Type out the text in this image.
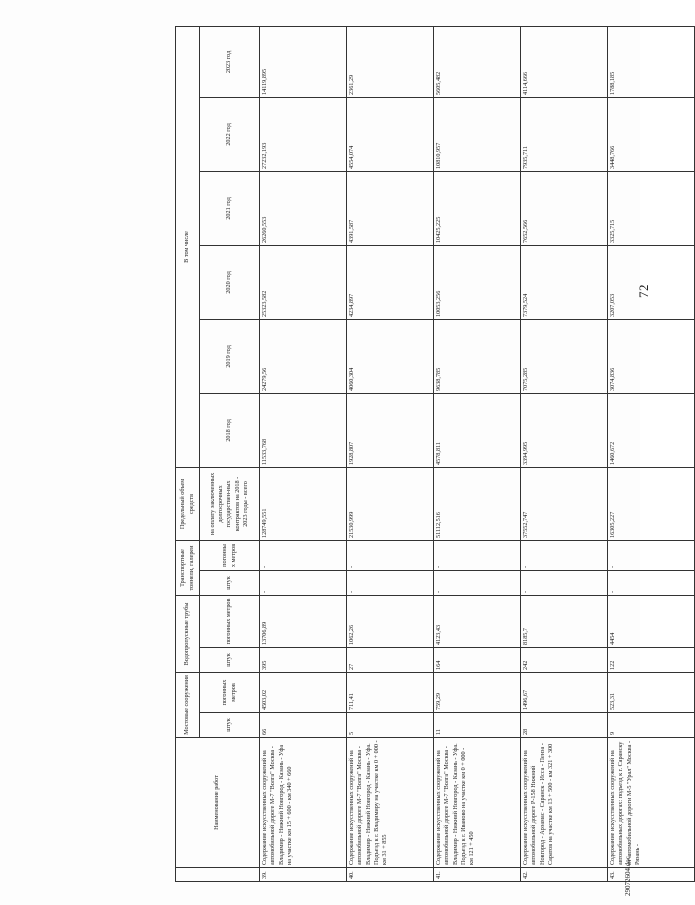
72
	Наименование работ	Мостовые сооружения		Водопропускные трубы		Транспортные тоннели, галереи		Предельный объем средств	В том числе					
		штук	погонных метров	штук	погонных метров	штук	погонных метров	на оплату заключенных долгосрочных государствен-ных контрактов на 2018 - 2023 годы - всего	2018 год	2019 год	2020 год	2021 год	2022 год	2023 год

39.	Содержание искусственных сооружений на автомобильной дороге М-7 "Волга" Москва - Владимир - Нижний Новгород - Казань - Уфа на участке км 15 + 600 - км 340 + 660	66	4503,02	395	13706,89	-	-	128749,551	11533,768	24279,56	25323,582	26260,553	27232,193	14119,895
40.	Содержание искусственных сооружений на автомобильной дороге М-7 "Волга" Москва - Владимир - Нижний Новгород - Казань - Уфа. Подъезд к г. Владимиру на участке км 0 + 000 - км 31 + 855	5	711,41	27	1062,26	-	-	21530,999	1928,807	4060,304	4234,897	4391,587	4554,074	2361,29
41.	Содержание искусственных сооружений на автомобильной дороге М-7 "Волга" Москва - Владимир - Нижний Новгород - Казань - Уфа. Подъезд к г. Иваново на участке км 0 + 000 - км 121 + 450	11	759,29	164	4123,43	-	-	51112,516	4578,811	9638,785	10053,256	10425,225	10810,957	5605,482
42.	Содержание искусственных сооружений на автомобильной дороге Р-158 Нижний Новгород - Арзамас - Саранск - Исса - Пенза - Саратов на участке км 13 + 500 - км 321 + 300	28	1496,67	242	8185,7	-	-	37552,747	3394,995	7075,285	7379,524	7652,566	7935,711	4114,666
43.	Содержание искусственных сооружений на автомобильных дорогах: подъезд к г. Саранску от автомобильной дороги М-5 "Урал" Москва - Рязань -	9	523,31	122	4454	-	-	16305,227	1460,672	3074,836	3207,053	3325,715	3448,766	1788,185
29072604.doc
